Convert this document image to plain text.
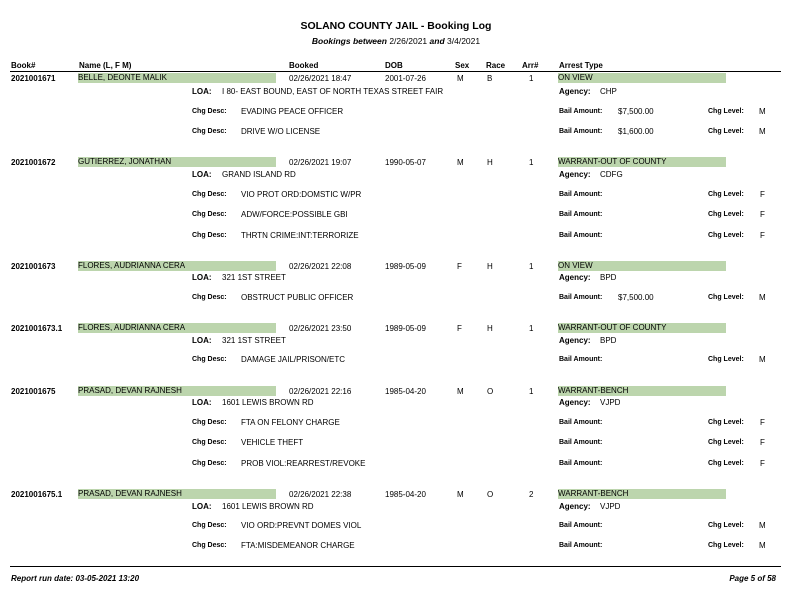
SOLANO COUNTY JAIL - Booking Log
Bookings between 2/26/2021 and 3/4/2021
Book#	Name (L, F M)	Booked	DOB	Sex Race Arr#	Arrest Type
2021001671	BELLE, DEONTE MALIK	02/26/2021 18:47	2001-07-26	M	B	1	ON VIEW
LOA: I 80- EAST BOUND, EAST OF NORTH TEXAS STREET FAIR	Agency: CHP
Chg Desc: EVADING PEACE OFFICER	Bail Amount: $7,500.00	Chg Level: M
Chg Desc: DRIVE W/O LICENSE	Bail Amount: $1,600.00	Chg Level: M
2021001672	GUTIERREZ, JONATHAN	02/26/2021 19:07	1990-05-07	M	H	1	WARRANT-OUT OF COUNTY
LOA: GRAND ISLAND RD	Agency: CDFG
Chg Desc: VIO PROT ORD:DOMSTIC W/PR	Bail Amount:	Chg Level: F
Chg Desc: ADW/FORCE:POSSIBLE GBI	Bail Amount:	Chg Level: F
Chg Desc: THRTN CRIME:INT:TERRORIZE	Bail Amount:	Chg Level: F
2021001673	FLORES, AUDRIANNA CERA	02/26/2021 22:08	1989-05-09	F	H	1	ON VIEW
LOA: 321 1ST STREET	Agency: BPD
Chg Desc: OBSTRUCT PUBLIC OFFICER	Bail Amount: $7,500.00	Chg Level: M
2021001673.1 FLORES, AUDRIANNA CERA	02/26/2021 23:50	1989-05-09	F	H	1	WARRANT-OUT OF COUNTY
LOA: 321 1ST STREET	Agency: BPD
Chg Desc: DAMAGE JAIL/PRISON/ETC	Bail Amount:	Chg Level: M
2021001675	PRASAD, DEVAN RAJNESH	02/26/2021 22:16	1985-04-20	M	O	1	WARRANT-BENCH
LOA: 1601 LEWIS BROWN RD	Agency: VJPD
Chg Desc: FTA ON FELONY CHARGE	Bail Amount:	Chg Level: F
Chg Desc: VEHICLE THEFT	Bail Amount:	Chg Level: F
Chg Desc: PROB VIOL:REARREST/REVOKE	Bail Amount:	Chg Level: F
2021001675.1 PRASAD, DEVAN RAJNESH	02/26/2021 22:38	1985-04-20	M	O	2	WARRANT-BENCH
LOA: 1601 LEWIS BROWN RD	Agency: VJPD
Chg Desc: VIO ORD:PREVNT DOMES VIOL	Bail Amount:	Chg Level: M
Chg Desc: FTA:MISDEMEANOR CHARGE	Bail Amount:	Chg Level: M
Report run date: 03-05-2021 13:20	Page 5 of 58
